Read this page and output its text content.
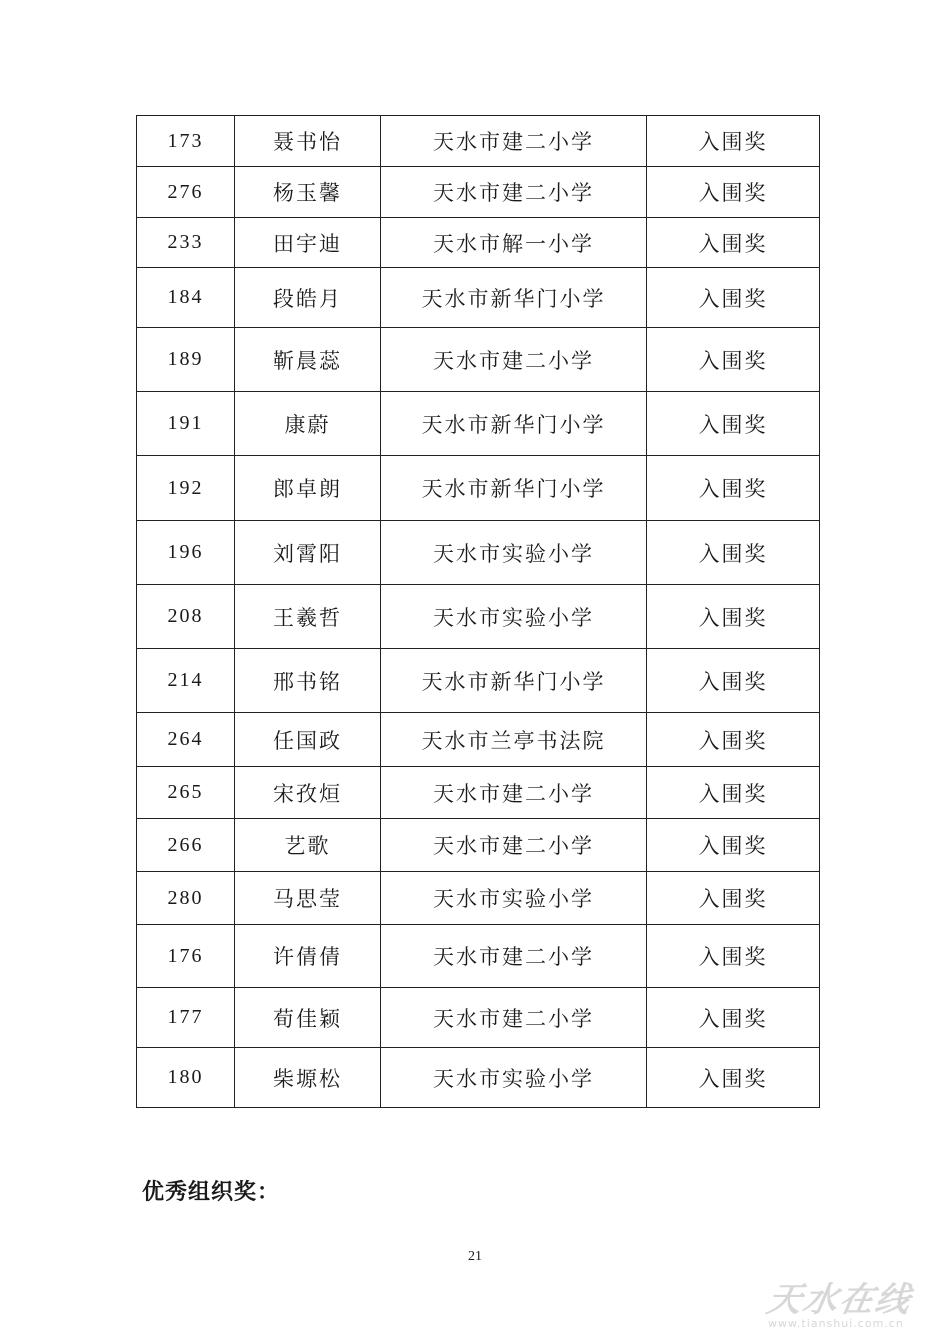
173	聂书怡	天水市建二小学	入围奖
276	杨玉馨	天水市建二小学	入围奖
233	田宇迪	天水市解一小学	入围奖
184	段皓月	天水市新华门小学	入围奖
189	靳晨蕊	天水市建二小学	入围奖
191	康蔚	天水市新华门小学	入围奖
192	郎卓朗	天水市新华门小学	入围奖
196	刘霄阳	天水市实验小学	入围奖
208	王羲哲	天水市实验小学	入围奖
214	邢书铭	天水市新华门小学	入围奖
264	任国政	天水市兰亭书法院	入围奖
265	宋孜烜	天水市建二小学	入围奖
266	艺歌	天水市建二小学	入围奖
280	马思莹	天水市实验小学	入围奖
176	许倩倩	天水市建二小学	入围奖
177	荀佳颖	天水市建二小学	入围奖
180	柴塬松	天水市实验小学	入围奖
优秀组织奖：
21
天水在线
www.tianshui.com.cn
